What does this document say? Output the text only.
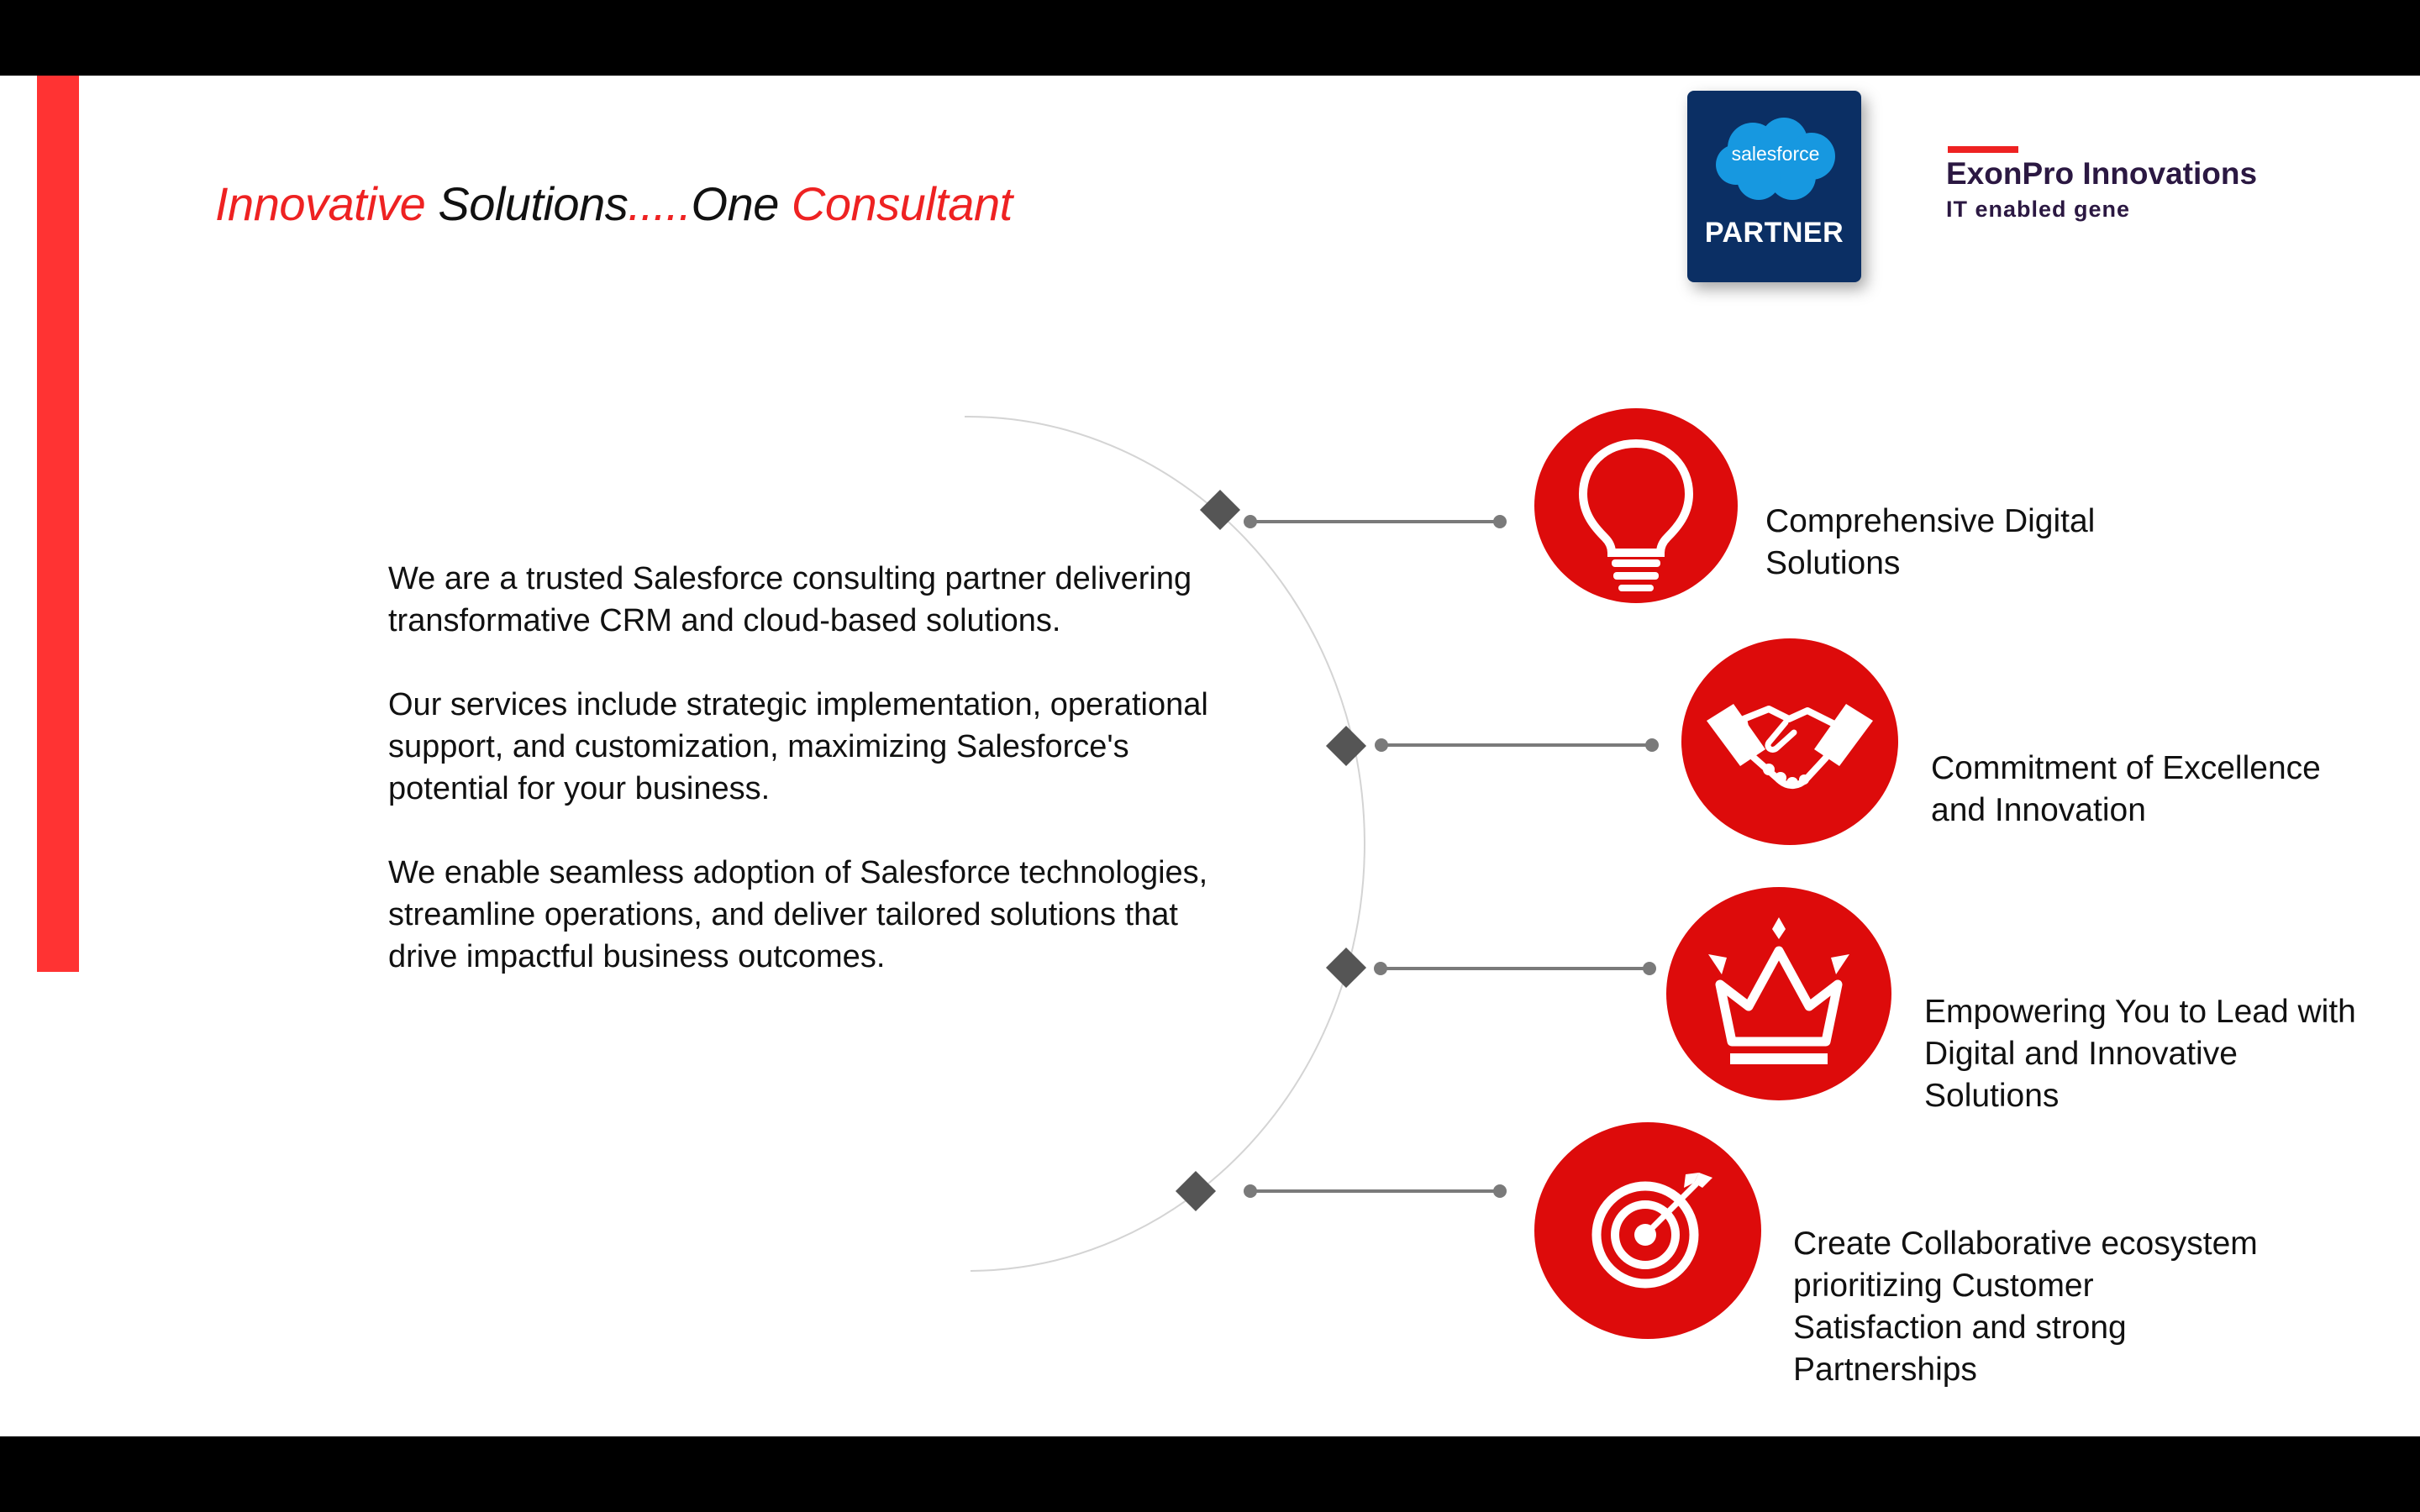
Innovative Solutions.....One Consultant
salesforce
PARTNER
ExonPro Innovations
IT enabled gene
We are a trusted Salesforce consulting partner delivering transformative CRM and cloud-based solutions.
Our services include strategic implementation, operational support, and customization, maximizing Salesforce's potential for your business.
We enable seamless adoption of Salesforce technologies, streamline operations, and deliver tailored solutions that drive impactful business outcomes.
Comprehensive Digital
Solutions
Commitment of Excellence
and Innovation
Empowering You to Lead with
Digital and Innovative
Solutions
Create Collaborative ecosystem
prioritizing Customer
Satisfaction and strong
Partnerships
